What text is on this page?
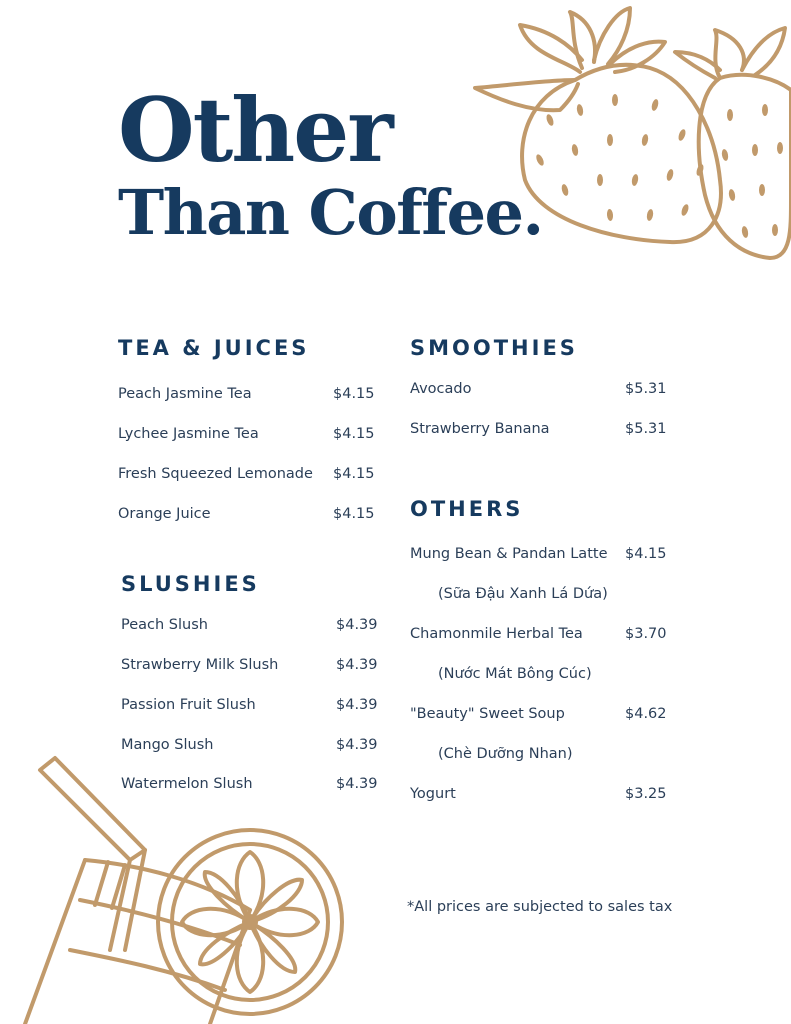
Other
Than Coffee.
TEA & JUICES
Peach Jasmine Tea	$4.15
Lychee Jasmine Tea	$4.15
Fresh Squeezed Lemonade $4.15
Orange Juice	$4.15
SLUSHIES
Peach Slush	$4.39
Strawberry Milk Slush	$4.39
Passion Fruit Slush	$4.39
Mango Slush	$4.39
Watermelon Slush	$4.39
SMOOTHIES
Avocado	$5.31
Strawberry Banana	$5.31
OTHERS
Mung Bean & Pandan Latte $4.15
(Sữa Đậu Xanh Lá Dứa)
Chamonmile Herbal Tea	$3.70
(Nước Mát Bông Cúc)
"Beauty" Sweet Soup	$4.62
(Chè Dưỡng Nhan)
Yogurt	$3.25
*All prices are subjected to sales tax
